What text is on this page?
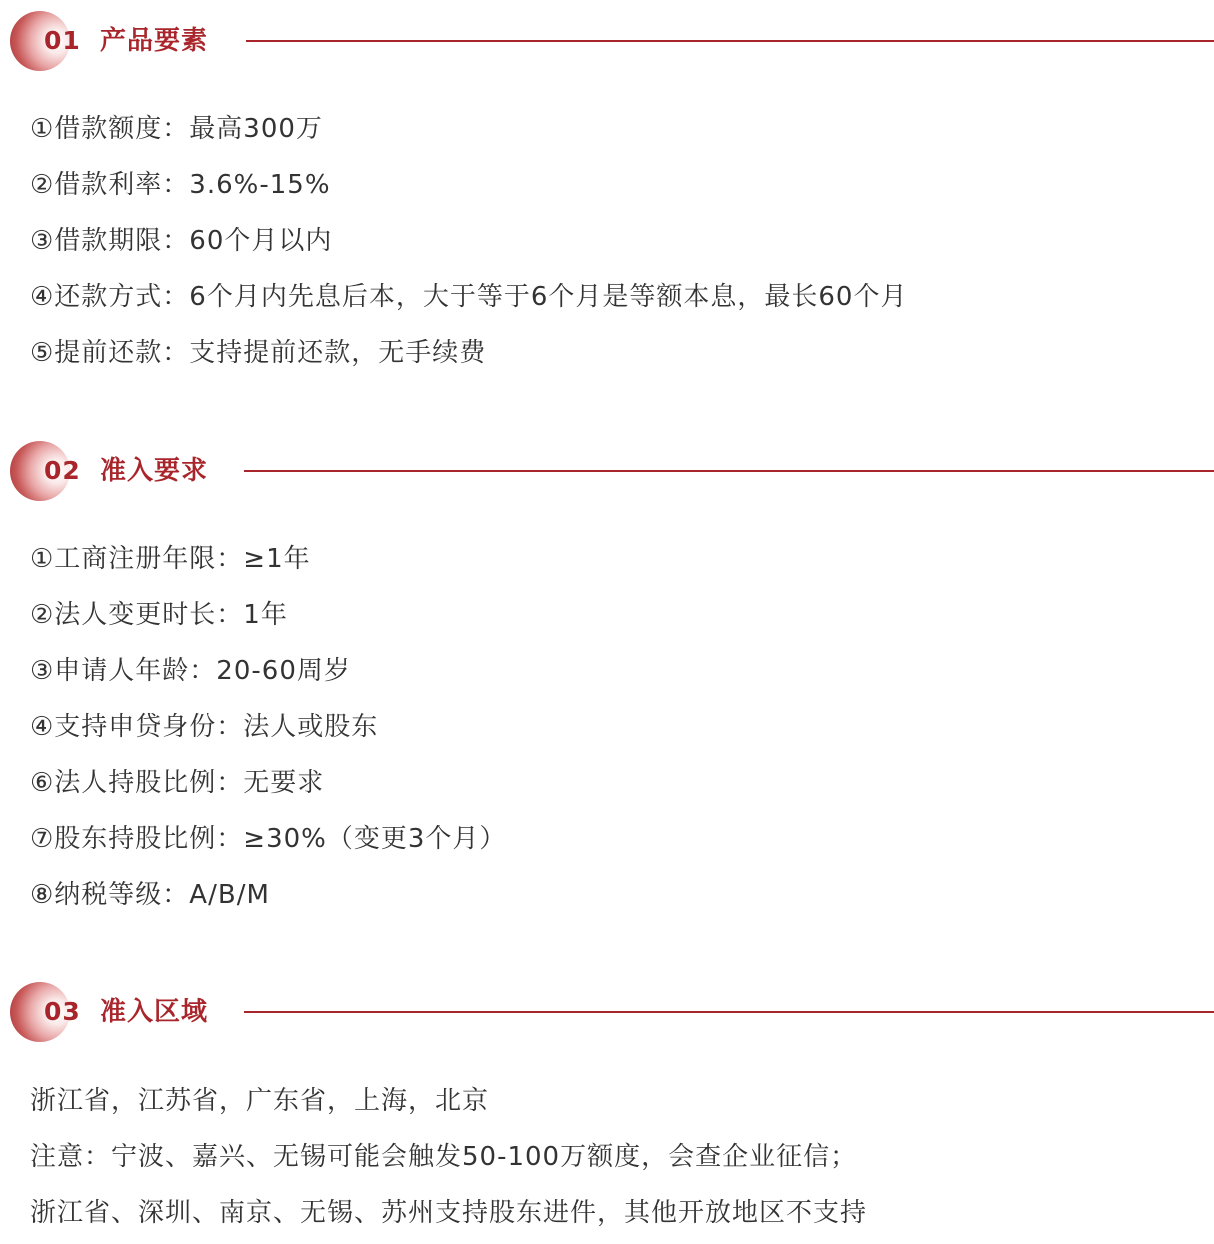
01 产品要素
①借款额度：最高300万
②借款利率：3.6%-15%
③借款期限：60个月以内
④还款方式：6个月内先息后本，大于等于6个月是等额本息，最长60个月
⑤提前还款：支持提前还款，无手续费
02 准入要求
①工商注册年限：≥1年
②法人变更时长：1年
③申请人年龄：20-60周岁
④支持申贷身份：法人或股东
⑥法人持股比例：无要求
⑦股东持股比例：≥30%（变更3个月）
⑧纳税等级：A/B/M
03 准入区域
浙江省，江苏省，广东省，上海，北京
注意：宁波、嘉兴、无锡可能会触发50-100万额度，会查企业征信；
浙江省、深圳、南京、无锡、苏州支持股东进件，其他开放地区不支持
